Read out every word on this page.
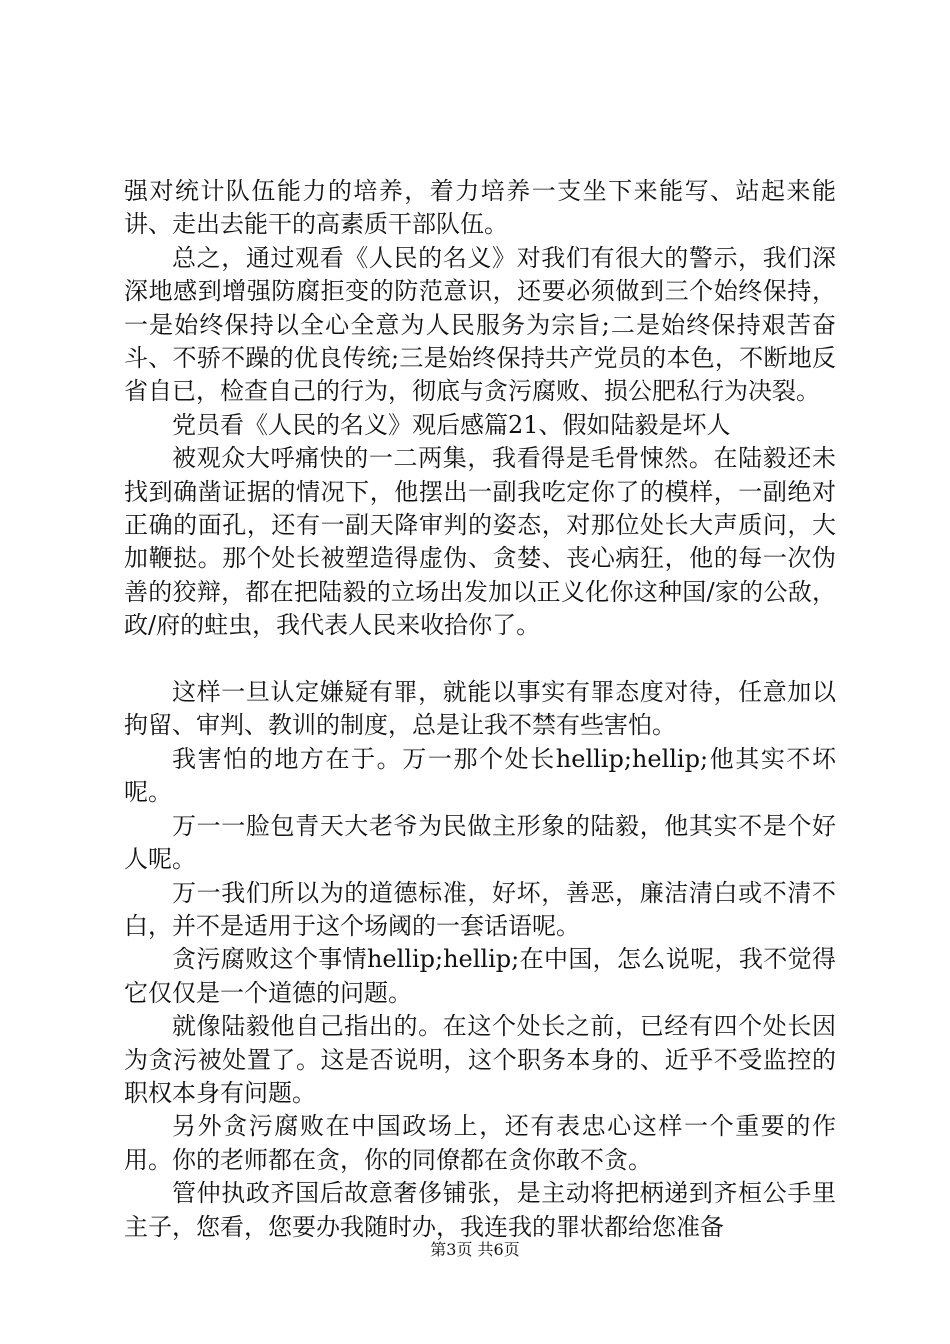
强对统计队伍能力的培养，着力培养一支坐下来能写、站起来能讲、走出去能干的高素质干部队伍。

总之，通过观看《人民的名义》对我们有很大的警示，我们深深地感到增强防腐拒变的防范意识，还要必须做到三个始终保持，一是始终保持以全心全意为人民服务为宗旨;二是始终保持艰苦奋斗、不骄不躁的优良传统;三是始终保持共产党员的本色，不断地反省自已，检查自己的行为，彻底与贪污腐败、损公肥私行为决裂。

党员看《人民的名义》观后感篇21、假如陆毅是坏人

被观众大呼痛快的一二两集，我看得是毛骨悚然。在陆毅还未找到确凿证据的情况下，他摆出一副我吃定你了的模样，一副绝对正确的面孔，还有一副天降审判的姿态，对那位处长大声质问，大加鞭挞。那个处长被塑造得虚伪、贪婪、丧心病狂，他的每一次伪善的狡辩，都在把陆毅的立场出发加以正义化你这种国/家的公敌，政/府的蛀虫，我代表人民来收拾你了。

这样一旦认定嫌疑有罪，就能以事实有罪态度对待，任意加以拘留、审判、教训的制度，总是让我不禁有些害怕。

我害怕的地方在于。万一那个处长hellip;hellip;他其实不坏呢。

万一一脸包青天大老爷为民做主形象的陆毅，他其实不是个好人呢。

万一我们所以为的道德标准，好坏，善恶，廉洁清白或不清不白，并不是适用于这个场阈的一套话语呢。

贪污腐败这个事情hellip;hellip;在中国，怎么说呢，我不觉得它仅仅是一个道德的问题。

就像陆毅他自己指出的。在这个处长之前，已经有四个处长因为贪污被处置了。这是否说明，这个职务本身的、近乎不受监控的职权本身有问题。

另外贪污腐败在中国政场上，还有表忠心这样一个重要的作用。你的老师都在贪，你的同僚都在贪你敢不贪。

管仲执政齐国后故意奢侈铺张，是主动将把柄递到齐桓公手里主子，您看，您要办我随时办，我连我的罪状都给您准备

第3页 共6页
